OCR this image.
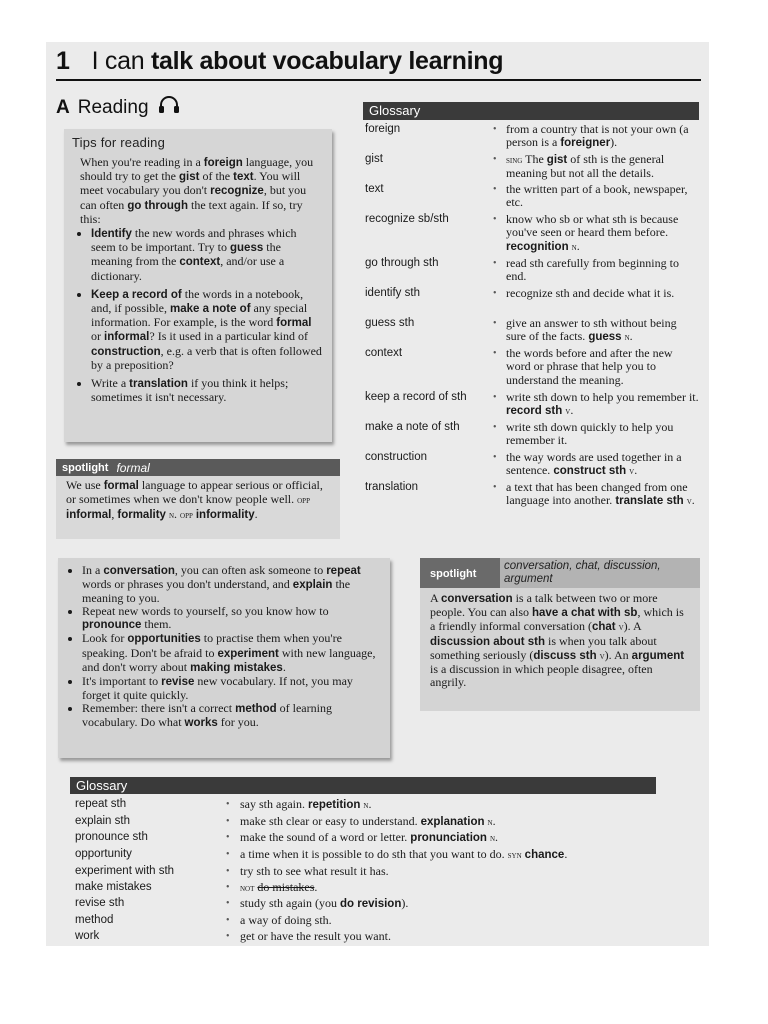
1 I can talk about vocabulary learning
A Reading
Tips for reading

When you're reading in a foreign language, you should try to get the gist of the text. You will meet vocabulary you don't recognize, but you can often go through the text again. If so, try this:

• Identify the new words and phrases which seem to be important. Try to guess the meaning from the context, and/or use a dictionary.
• Keep a record of the words in a notebook, and, if possible, make a note of any special information. For example, is the word formal or informal? Is it used in a particular kind of construction, e.g. a verb that is often followed by a preposition?
• Write a translation if you think it helps; sometimes it isn't necessary.
spotlight formal
We use formal language to appear serious or official, or sometimes when we don't know people well. opp informal, formality n. opp informality.
Glossary
foreign	• from a country that is not your own (a person is a foreigner).
gist	• sing The gist of sth is the general meaning but not all the details.
text	• the written part of a book, newspaper, etc.
recognize sb/sth	• know who sb or what sth is because you've seen or heard them before. recognition n.
go through sth	• read sth carefully from beginning to end.
identify sth	• recognize sth and decide what it is.
guess sth	• give an answer to sth without being sure of the facts. guess n.
context	• the words before and after the new word or phrase that help you to understand the meaning.
keep a record of sth	• write sth down to help you remember it. record sth v.
make a note of sth	• write sth down quickly to help you remember it.
construction	• the way words are used together in a sentence. construct sth v.
translation	• a text that has been changed from one language into another. translate sth v.
• In a conversation, you can often ask someone to repeat words or phrases you don't understand, and explain the meaning to you.
• Repeat new words to yourself, so you know how to pronounce them.
• Look for opportunities to practise them when you're speaking. Don't be afraid to experiment with new language, and don't worry about making mistakes.
• It's important to revise new vocabulary. If not, you may forget it quite quickly.
• Remember: there isn't a correct method of learning vocabulary. Do what works for you.
spotlight
conversation, chat, discussion, argument
A conversation is a talk between two or more people. You can also have a chat with sb, which is a friendly informal conversation (chat v). A discussion about sth is when you talk about something seriously (discuss sth v). An argument is a discussion in which people disagree, often angrily.
Glossary
repeat sth	• say sth again. repetition n.
explain sth	• make sth clear or easy to understand. explanation n.
pronounce sth	• make the sound of a word or letter. pronunciation n.
opportunity	• a time when it is possible to do sth that you want to do. syn chance.
experiment with sth	• try sth to see what result it has.
make mistakes	• not do mistakes.
revise sth	• study sth again (you do revision).
method	• a way of doing sth.
work	• get or have the result you want.
